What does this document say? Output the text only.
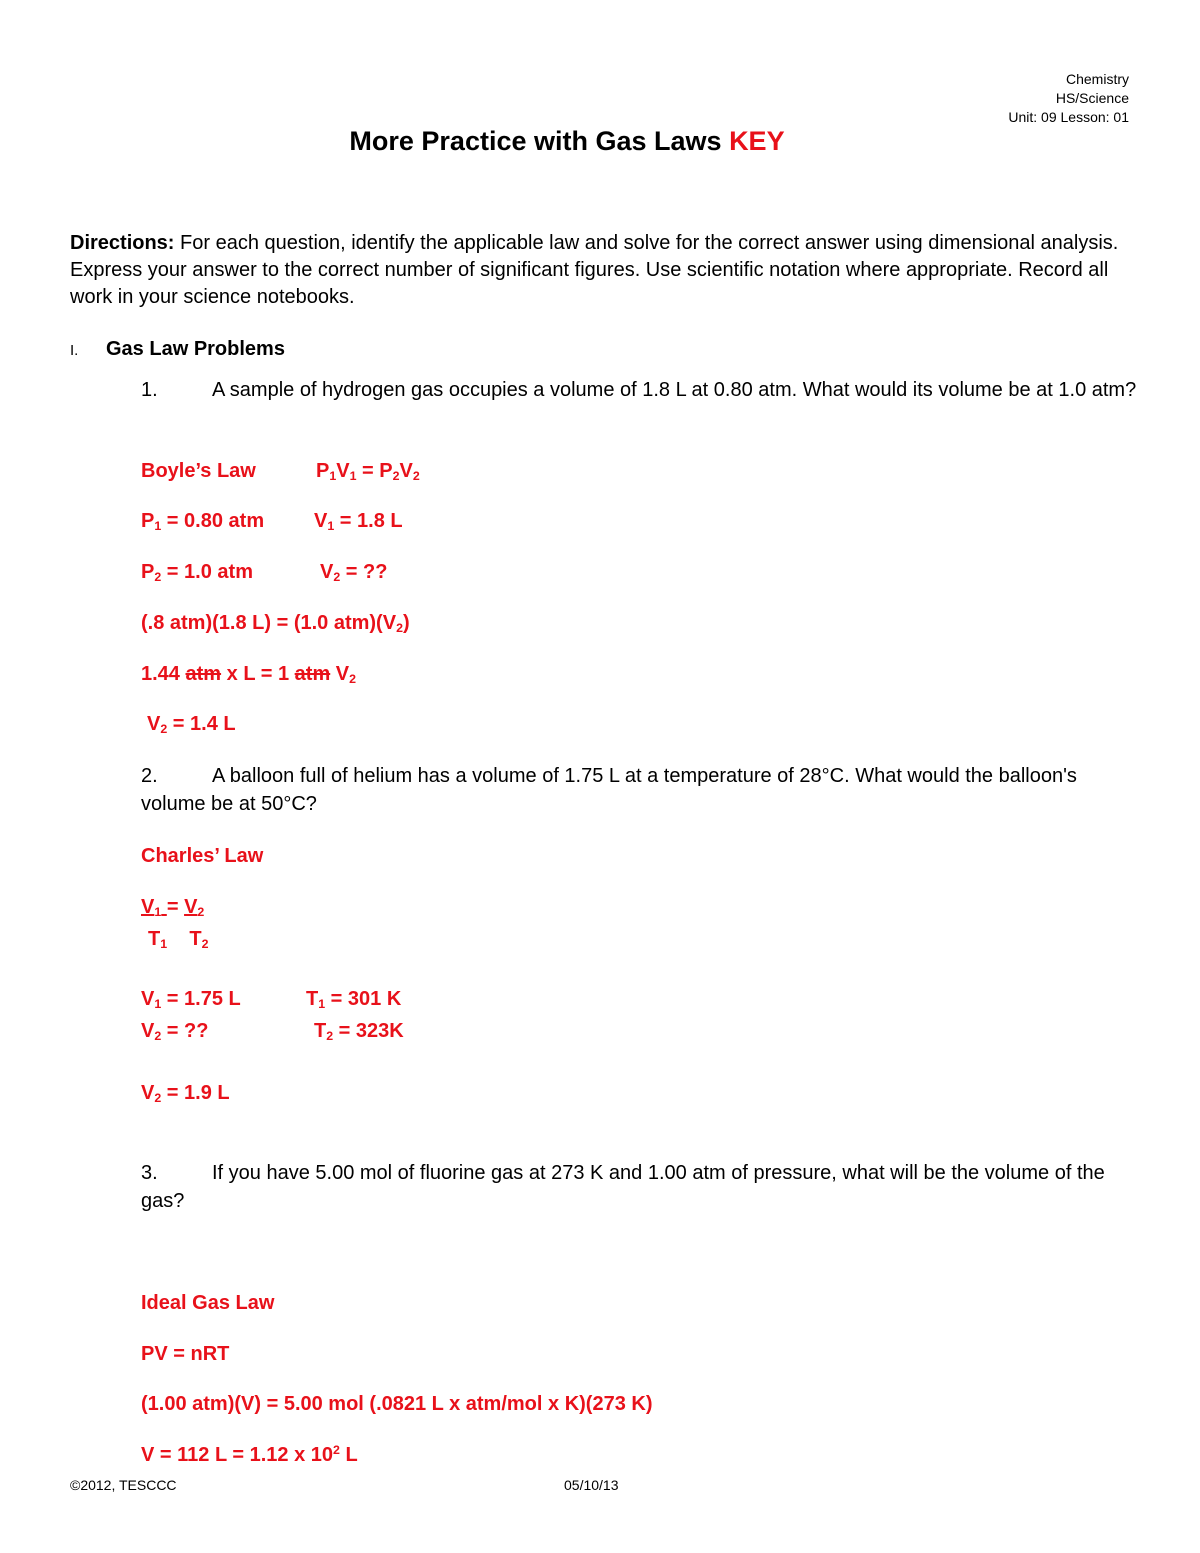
Chemistry
HS/Science
Unit: 09 Lesson: 01
More Practice with Gas Laws KEY
Directions: For each question, identify the applicable law and solve for the correct answer using dimensional analysis. Express your answer to the correct number of significant figures. Use scientific notation where appropriate. Record all work in your science notebooks.
I. Gas Law Problems
1.	A sample of hydrogen gas occupies a volume of 1.8 L at 0.80 atm. What would its volume be at 1.0 atm?
Boyle’s Law	$P_1V_1 = P_2V_2$
$P_1 = 0.80$ atm $V_1 = 1.8$ L
$P_2 = 1.0$ atm	$V_2$ = ??
(.8 atm)(1.8 L) = (1.0 $atm)(V_2)$
1.44 atm x L = 1 atm $V_2$
$V_2 = 1.4$ L
2.	A balloon full of helium has a volume of 1.75 L at a temperature of 28°C. What would the balloon's volume be at 50°C?
Charles’ Law
$V_1 = V_2$
$T_1$    $T_2$
$V_1 = 1.75$ L	$T_1 = 301$ K
$V_2$ = ??	$T_2 = 323K$
$V_2 = 1.9$ L
3.	If you have 5.00 mol of fluorine gas at 273 K and 1.00 atm of pressure, what will be the volume of the gas?
Ideal Gas Law
PV = nRT
(1.00 atm)(V) = 5.00 mol (.0821 L x atm/mol x K)(273 K)
V = 112 L = 1.12 x $10^2$ L
©2012, TESCCC	05/10/13
